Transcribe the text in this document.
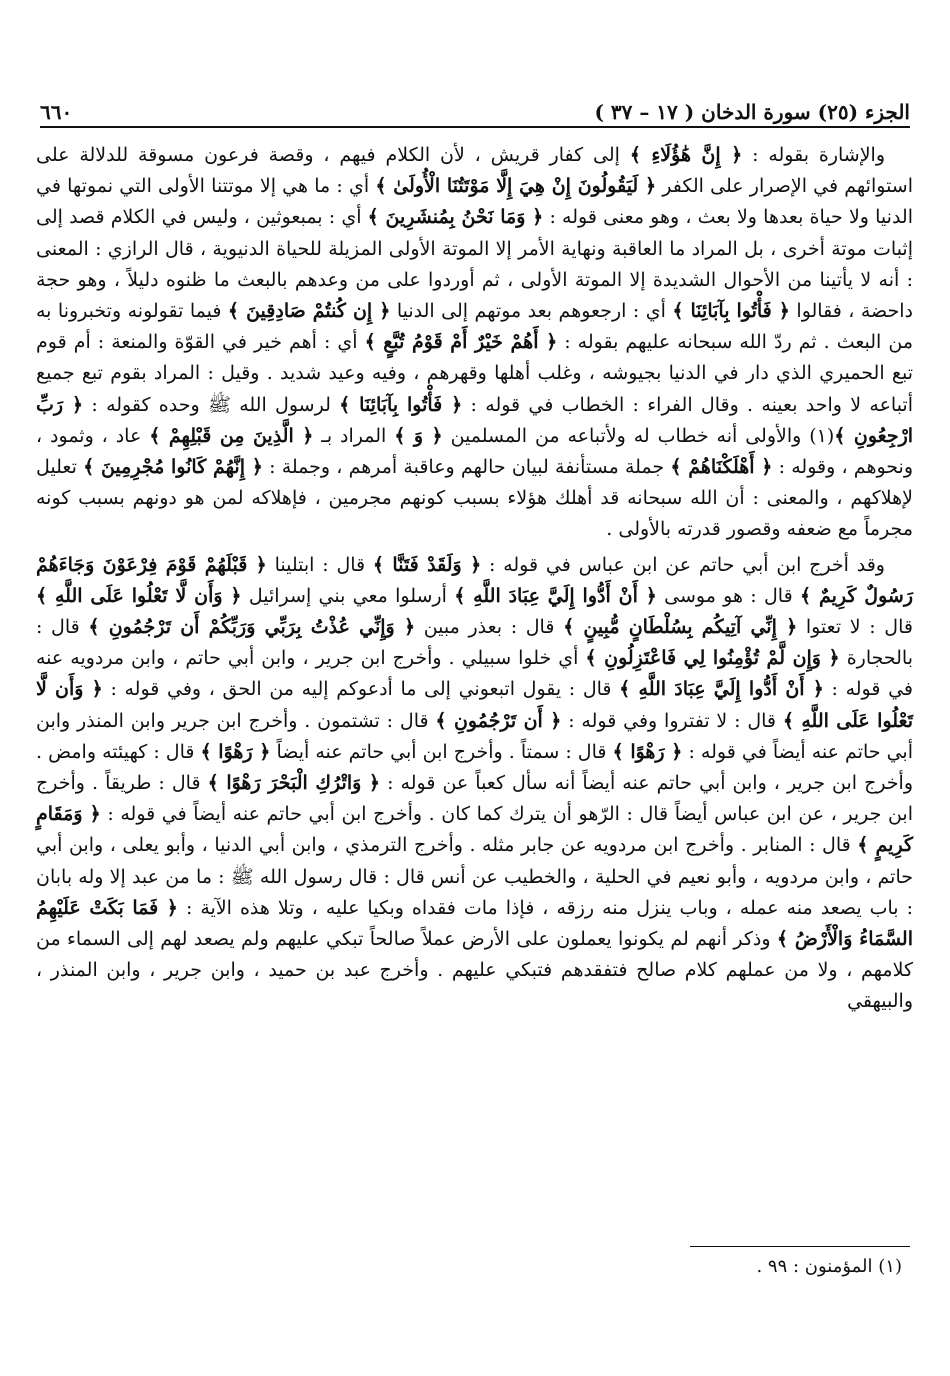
الجزء (٢٥) سورة الدخان ( ١٧ – ٣٧ )
٦٦٠

والإشارة بقوله : ﴿ إِنَّ هَٰؤُلَاءِ ﴾ إلى كفار قريش ، لأن الكلام فيهم ، وقصة فرعون مسوقة للدلالة على استوائهم في الإصرار على الكفر ﴿ لَيَقُولُونَ إِنْ هِيَ إِلَّا مَوْتَتُنَا الْأُولَىٰ ﴾ أي : ما هي إلا موتتنا الأولى التي نموتها في الدنيا ولا حياة بعدها ولا بعث ، وهو معنى قوله : ﴿ وَمَا نَحْنُ بِمُنشَرِينَ ﴾ أي : بمبعوثين ، وليس في الكلام قصد إلى إثبات موتة أخرى ، بل المراد ما العاقبة ونهاية الأمر إلا الموتة الأولى المزيلة للحياة الدنيوية ، قال الرازي : المعنى : أنه لا يأتينا من الأحوال الشديدة إلا الموتة الأولى ، ثم أوردوا على من وعدهم بالبعث ما ظنوه دليلاً ، وهو حجة داحضة ، فقالوا ﴿ فَأْتُوا بِآبَائِنَا ﴾ أي : ارجعوهم بعد موتهم إلى الدنيا ﴿ إِن كُنتُمْ صَادِقِينَ ﴾ فيما تقولونه وتخبرونا به من البعث . ثم ردّ الله سبحانه عليهم بقوله : ﴿ أَهُمْ خَيْرٌ أَمْ قَوْمُ تُبَّعٍ ﴾ أي : أهم خير في القوّة والمنعة : أم قوم تبع الحميري الذي دار في الدنيا بجيوشه ، وغلب أهلها وقهرهم ، وفيه وعيد شديد . وقيل : المراد بقوم تبع جميع أتباعه لا واحد بعينه . وقال الفراء : الخطاب في قوله : ﴿ فَأْتُوا بِآبَائِنَا ﴾ لرسول الله ﷺ وحده كقوله : ﴿ رَبِّ ارْجِعُونِ ﴾(١) والأولى أنه خطاب له ولأتباعه من المسلمين ﴿ وَ ﴾ المراد بـ ﴿ الَّذِينَ مِن قَبْلِهِمْ ﴾ عاد ، وثمود ، ونحوهم ، وقوله : ﴿ أَهْلَكْنَاهُمْ ﴾ جملة مستأنفة لبيان حالهم وعاقبة أمرهم ، وجملة : ﴿ إِنَّهُمْ كَانُوا مُجْرِمِينَ ﴾ تعليل لإهلاكهم ، والمعنى : أن الله سبحانه قد أهلك هؤلاء بسبب كونهم مجرمين ، فإهلاكه لمن هو دونهم بسبب كونه مجرماً مع ضعفه وقصور قدرته بالأولى .

وقد أخرج ابن أبي حاتم عن ابن عباس في قوله : ﴿ وَلَقَدْ فَتَنَّا ﴾ قال : ابتلينا ﴿ قَبْلَهُمْ قَوْمَ فِرْعَوْنَ وَجَاءَهُمْ رَسُولٌ كَرِيمٌ ﴾ قال : هو موسى ﴿ أَنْ أَدُّوا إِلَيَّ عِبَادَ اللَّهِ ﴾ أرسلوا معي بني إسرائيل ﴿ وَأَن لَّا تَعْلُوا عَلَى اللَّهِ ﴾ قال : لا تعتوا ﴿ إِنِّي آتِيكُم بِسُلْطَانٍ مُّبِينٍ ﴾ قال : بعذر مبين ﴿ وَإِنِّي عُذْتُ بِرَبِّي وَرَبِّكُمْ أَن تَرْجُمُونِ ﴾ قال : بالحجارة ﴿ وَإِن لَّمْ تُؤْمِنُوا لِي فَاعْتَزِلُونِ ﴾ أي خلوا سبيلي . وأخرج ابن جرير ، وابن أبي حاتم ، وابن مردويه عنه في قوله : ﴿ أَنْ أَدُّوا إِلَيَّ عِبَادَ اللَّهِ ﴾ قال : يقول اتبعوني إلى ما أدعوكم إليه من الحق ، وفي قوله : ﴿ وَأَن لَّا تَعْلُوا عَلَى اللَّهِ ﴾ قال : لا تفتروا وفي قوله : ﴿ أَن تَرْجُمُونِ ﴾ قال : تشتمون . وأخرج ابن جرير وابن المنذر وابن أبي حاتم عنه أيضاً في قوله : ﴿ رَهْوًا ﴾ قال : سمتاً . وأخرج ابن أبي حاتم عنه أيضاً ﴿ رَهْوًا ﴾ قال : كهيئته وامض . وأخرج ابن جرير ، وابن أبي حاتم عنه أيضاً أنه سأل كعباً عن قوله : ﴿ وَاتْرُكِ الْبَحْرَ رَهْوًا ﴾ قال : طريقاً . وأخرج ابن جرير ، عن ابن عباس أيضاً قال : الرّهو أن يترك كما كان . وأخرج ابن أبي حاتم عنه أيضاً في قوله : ﴿ وَمَقَامٍ كَرِيمٍ ﴾ قال : المنابر . وأخرج ابن مردويه عن جابر مثله . وأخرج الترمذي ، وابن أبي الدنيا ، وأبو يعلى ، وابن أبي حاتم ، وابن مردويه ، وأبو نعيم في الحلية ، والخطيب عن أنس قال : قال رسول الله ﷺ : ما من عبد إلا وله بابان : باب يصعد منه عمله ، وباب ينزل منه رزقه ، فإذا مات فقداه وبكيا عليه ، وتلا هذه الآية : ﴿ فَمَا بَكَتْ عَلَيْهِمُ السَّمَاءُ وَالْأَرْضُ ﴾ وذكر أنهم لم يكونوا يعملون على الأرض عملاً صالحاً تبكي عليهم ولم يصعد لهم إلى السماء من كلامهم ، ولا من عملهم كلام صالح فتفقدهم فتبكي عليهم . وأخرج عبد بن حميد ، وابن جرير ، وابن المنذر ، والبيهقي

(١) المؤمنون : ٩٩ .
